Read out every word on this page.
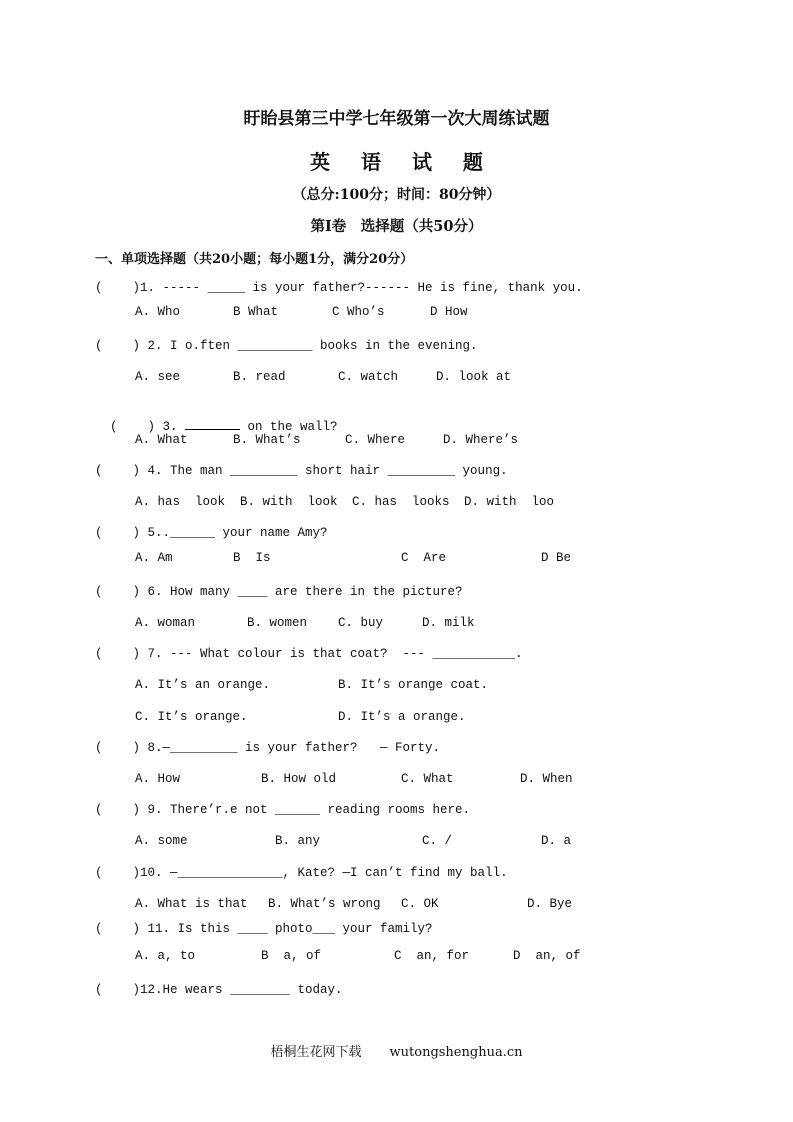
盱眙县第三中学七年级第一次大周练试题
英 语 试 题
（总分:100分；时间：80分钟）
第Ⅰ卷　选择题（共50分）
一、单项选择题（共20小题；每小题1分，满分20分）
(    )1. ----- _____ is your father?------ He is fine, thank you.
A. Who	B What	C Who’s	D How
(    ) 2. I o.ften __________ books in the evening.
A. see	B. read	C. watch	D. look at

(    ) 3.	on the wall?

A. What	B. What’s	C. Where	D. Where’s
(    ) 4. The man _________ short hair _________ young.
A. has  look B. with  look C. has  looks D. with  loo
(    ) 5..______ your name Amy?
A. Am	B  Is	C  Are	D Be
(    ) 6. How many ____ are there in the picture?
A. woman	B. women C. buy	D. milk
(    ) 7. --- What colour is that coat?  --- ___________.
A. It’s an orange.	B. It’s orange coat.
C. It’s orange.	D. It’s a orange.
(    ) 8.—_________ is your father?   — Forty.
A. How	B. How old	C. What	D. When
(    ) 9. There’r.e not ______ reading rooms here.
A. some	B. any	C. /	D. a
(    )10. —______________, Kate? —I can’t find my ball.
A. What is that B. What’s wrong C. OK	D. Bye
(    ) 11. Is this ____ photo___ your family?
A. a, to	B  a, of	C  an, for	D  an, of
(    )12.He wears ________ today.
梧桐生花网下载 wutongshenghua.cn
